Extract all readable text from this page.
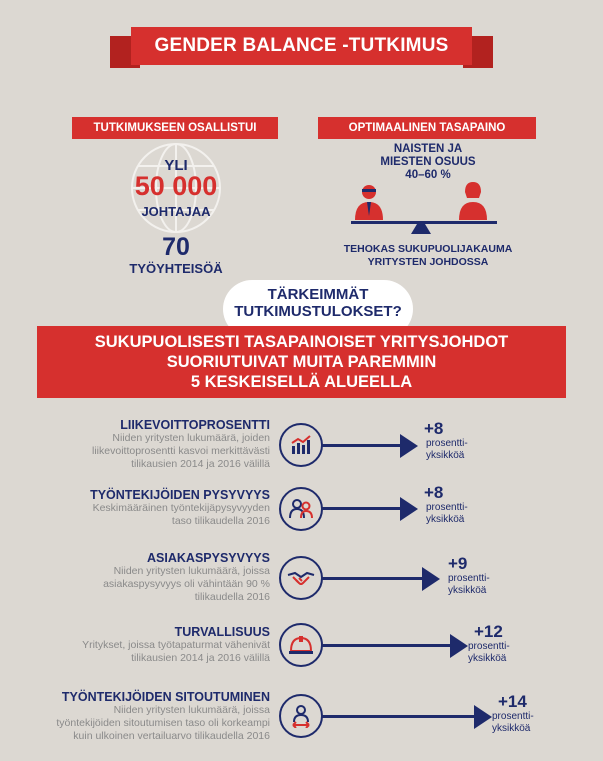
GENDER BALANCE -TUTKIMUS
TUTKIMUKSEEN OSALLISTUI
YLI
50 000
JOHTAJAA
70
TYÖYHTEISÖÄ
OPTIMAALINEN TASAPAINO
NAISTEN JA
MIESTEN OSUUS
40–60 %
TEHOKAS SUKUPUOLIJAKAUMA
YRITYSTEN JOHDOSSA
TÄRKEIMMÄT
TUTKIMUSTULOKSET?
SUKUPUOLISESTI TASAPAINOISET YRITYSJOHDOT
SUORIUTUIVAT MUITA PAREMMIN
5 KESKEISELLÄ ALUEELLA
LIIKEVOITTOPROSENTTI
Niiden yritysten lukumäärä, joiden
liikevoittoprosentti kasvoi merkittävästi
tilikausien 2014 ja 2016 välillä
+8
prosentti-
yksikköä
TYÖNTEKIJÖIDEN PYSYVYYS
Keskimääräinen työntekijäpysyvyyden
taso tilikaudella 2016
+8
prosentti-
yksikköä
ASIAKASPYSYVYYS
Niiden yritysten lukumäärä, joissa
asiakaspysyvyys oli vähintään 90 %
tilikaudella 2016
+9
prosentti-
yksikköä
TURVALLISUUS
Yritykset, joissa työtapaturmat vähenivät
tilikausien 2014 ja 2016 välillä
+12
prosentti-
yksikköä
TYÖNTEKIJÖIDEN SITOUTUMINEN
Niiden yritysten lukumäärä, joissa
työntekijöiden sitoutumisen taso oli korkeampi
kuin ulkoinen vertailuarvo tilikaudella 2016
+14
prosentti-
yksikköä
